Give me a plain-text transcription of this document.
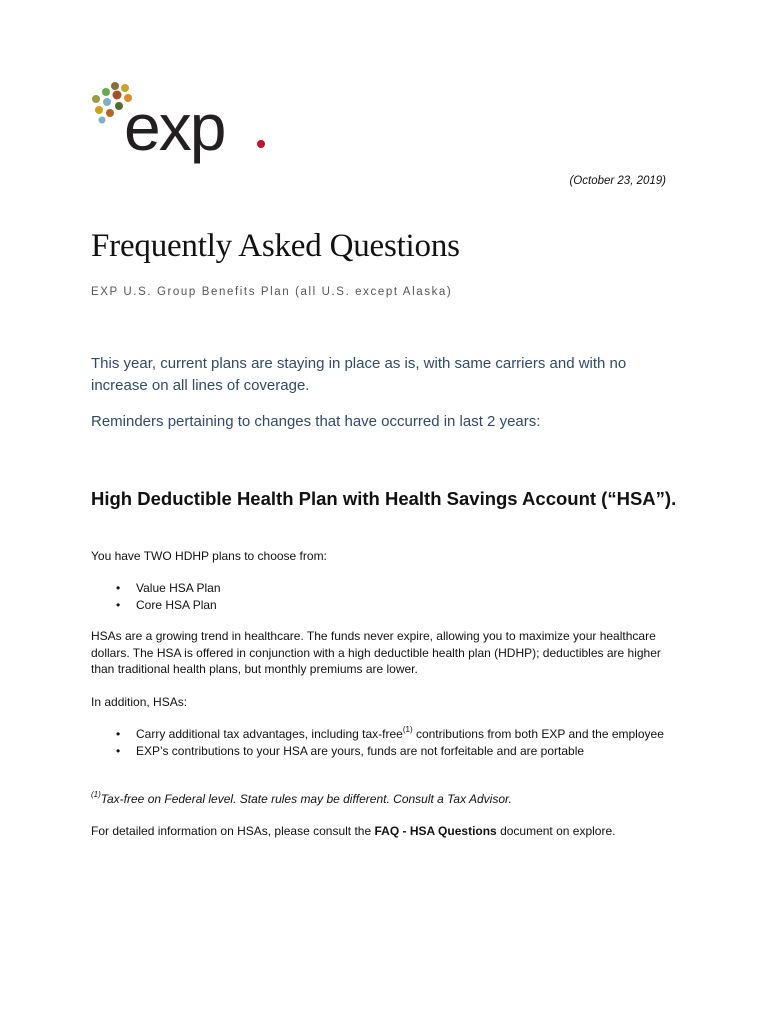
exp
(October 23, 2019)
Frequently Asked Questions
EXP U.S. Group Benefits Plan (all U.S. except Alaska)
This year, current plans are staying in place as is, with same carriers and with no increase on all lines of coverage.
Reminders pertaining to changes that have occurred in last 2 years:
High Deductible Health Plan with Health Savings Account (“HSA”).

You have TWO HDHP plans to choose from:

• Value HSA Plan
• Core HSA Plan

HSAs are a growing trend in healthcare. The funds never expire, allowing you to maximize your healthcare dollars. The HSA is offered in conjunction with a high deductible health plan (HDHP); deductibles are higher than traditional health plans, but monthly premiums are lower.

In addition, HSAs:

• Carry additional tax advantages, including tax-free$^{(1)}$ contributions from both EXP and the employee
• EXP’s contributions to your HSA are yours, funds are not forfeitable and are portable

$^{(1)}$Tax-free on Federal level. State rules may be different. Consult a Tax Advisor.

For detailed information on HSAs, please consult the FAQ - HSA Questions document on explore.
